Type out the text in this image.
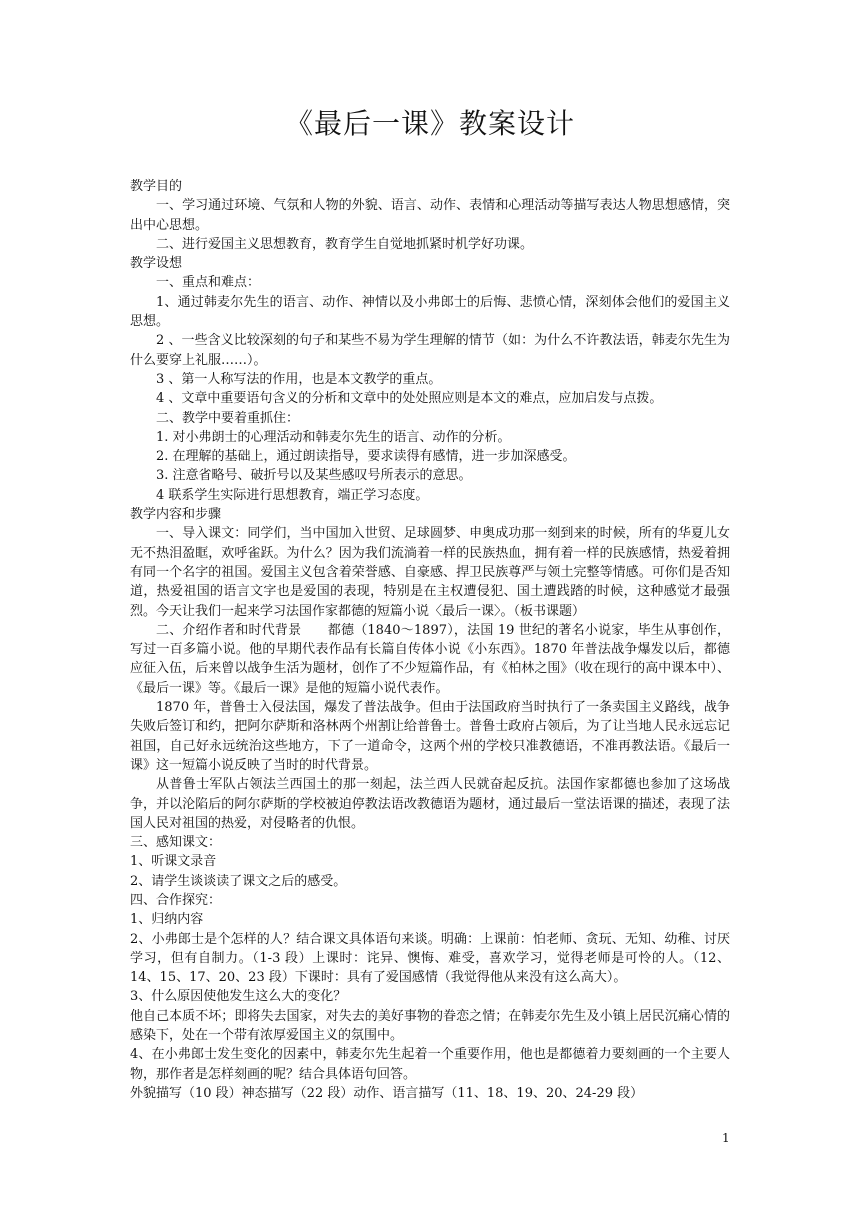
《最后一课》教案设计

教学目的

一、学习通过环境、气氛和人物的外貌、语言、动作、表情和心理活动等描写表达人物思想感情，突出中心思想。

二、进行爱国主义思想教育，教育学生自觉地抓紧时机学好功课。

教学设想

一、重点和难点：

1、通过韩麦尔先生的语言、动作、神情以及小弗郎士的后悔、悲愤心情，深刻体会他们的爱国主义思想。

2 、一些含义比较深刻的句子和某些不易为学生理解的情节（如：为什么不许教法语，韩麦尔先生为什么要穿上礼服……）。

3 、第一人称写法的作用，也是本文教学的重点。

4 、文章中重要语句含义的分析和文章中的处处照应则是本文的难点，应加启发与点拨。

二、教学中要着重抓住：

1. 对小弗朗士的心理活动和韩麦尔先生的语言、动作的分析。

2. 在理解的基础上，通过朗读指导，要求读得有感情，进一步加深感受。

3. 注意省略号、破折号以及某些感叹号所表示的意思。

4 联系学生实际进行思想教育，端正学习态度。

教学内容和步骤

一、导入课文：同学们，当中国加入世贸、足球圆梦、申奥成功那一刻到来的时候，所有的华夏儿女无不热泪盈眶，欢呼雀跃。为什么？因为我们流淌着一样的民族热血，拥有着一样的民族感情，热爱着拥有同一个名字的祖国。爱国主义包含着荣誉感、自豪感、捍卫民族尊严与领土完整等情感。可你们是否知道，热爱祖国的语言文字也是爱国的表现，特别是在主权遭侵犯、国土遭践踏的时候，这种感觉才最强烈。今天让我们一起来学习法国作家都德的短篇小说〈最后一课〉。（板书课题）

二、介绍作者和时代背景　　都德（1840～1897），法国 19 世纪的著名小说家，毕生从事创作，写过一百多篇小说。他的早期代表作品有长篇自传体小说《小东西》。1870 年普法战争爆发以后，都德应征入伍，后来曾以战争生活为题材，创作了不少短篇作品，有《柏林之围》（收在现行的高中课本中）、《最后一课》等。《最后一课》是他的短篇小说代表作。

1870 年，普鲁士入侵法国，爆发了普法战争。但由于法国政府当时执行了一条卖国主义路线，战争失败后签订和约，把阿尔萨斯和洛林两个州割让给普鲁士。普鲁士政府占领后，为了让当地人民永远忘记祖国，自己好永远统治这些地方，下了一道命令，这两个州的学校只准教德语，不准再教法语。《最后一课》这一短篇小说反映了当时的时代背景。

从普鲁士军队占领法兰西国土的那一刻起，法兰西人民就奋起反抗。法国作家都德也参加了这场战争，并以沦陷后的阿尔萨斯的学校被迫停教法语改教德语为题材，通过最后一堂法语课的描述，表现了法国人民对祖国的热爱，对侵略者的仇恨。

三、感知课文：

1、听课文录音

2、请学生谈谈读了课文之后的感受。

四、合作探究：

1、归纳内容

2、小弗郎士是个怎样的人？结合课文具体语句来谈。明确：上课前：怕老师、贪玩、无知、幼稚、讨厌学习，但有自制力。（1-3 段）上课时：诧异、懊悔、难受，喜欢学习，觉得老师是可怜的人。（12、14、15、17、20、23 段）下课时：具有了爱国感情（我觉得他从来没有这么高大）。

3、什么原因使他发生这么大的变化？

他自己本质不坏；即将失去国家，对失去的美好事物的眷恋之情；在韩麦尔先生及小镇上居民沉痛心情的感染下，处在一个带有浓厚爱国主义的氛围中。

4、在小弗郎士发生变化的因素中，韩麦尔先生起着一个重要作用，他也是都德着力要刻画的一个主要人物，那作者是怎样刻画的呢？结合具体语句回答。

外貌描写（10 段）神态描写（22 段）动作、语言描写（11、18、19、20、24-29 段）

1
